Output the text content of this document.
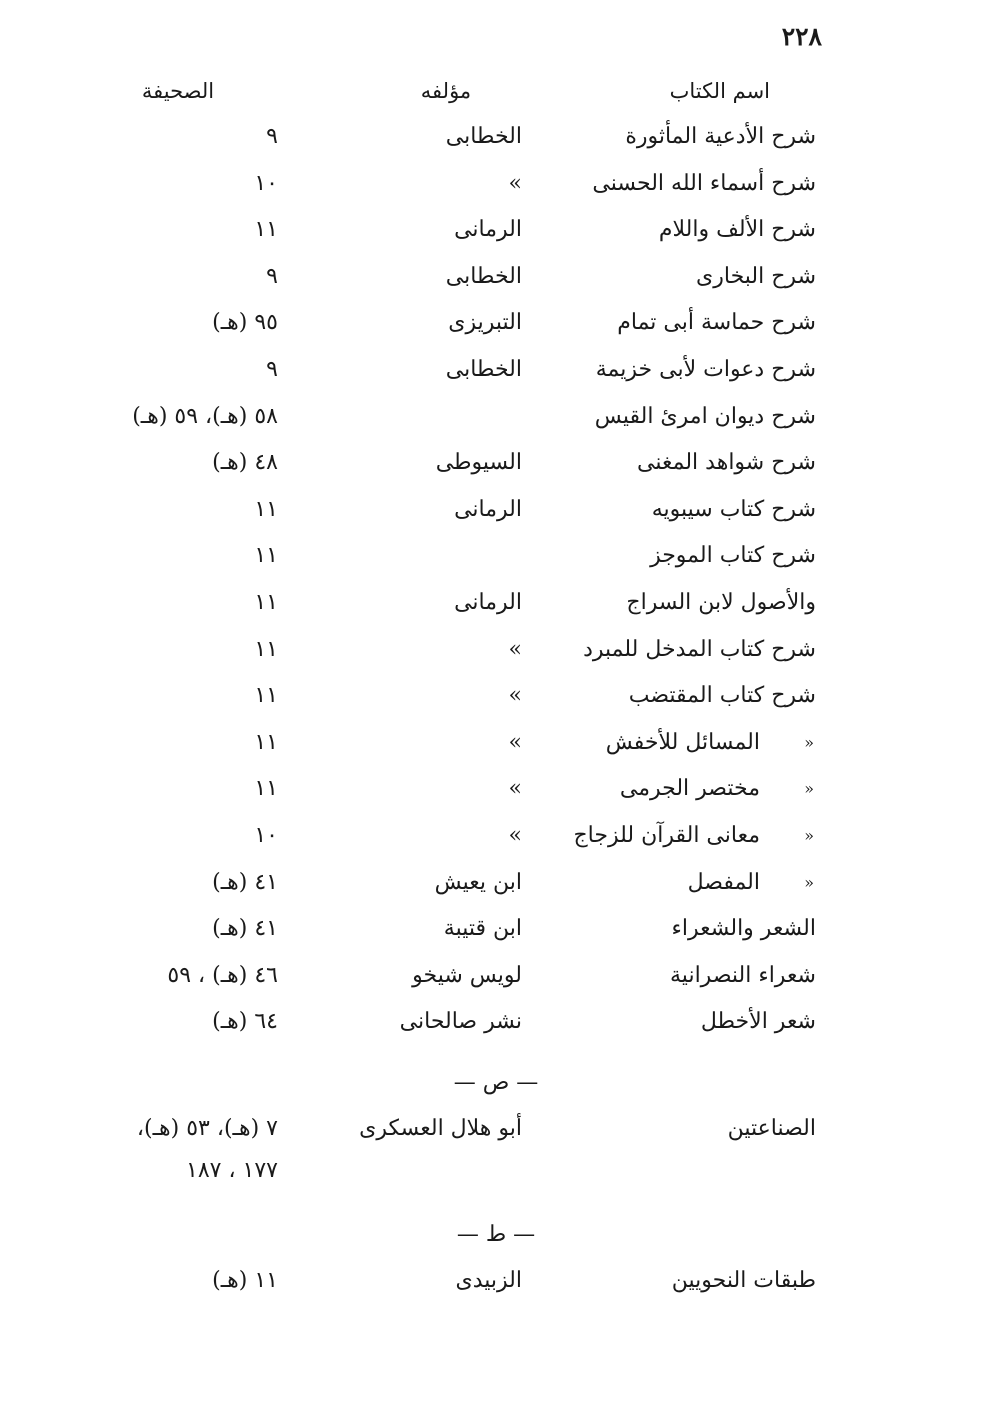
٢٢٨
اسم الكتاب
مؤلفه
الصحيفة
شرح الأدعية المأثورة
الخطابى
٩
شرح أسماء الله الحسنى
»
١٠
شرح الألف واللام
الرمانى
١١
شرح البخارى
الخطابى
٩
شرح حماسة أبى تمام
التبريزى
٩٥ (هـ)
شرح دعوات لأبى خزيمة
الخطابى
٩
شرح ديوان امرئ القيس
٥٨ (هـ)، ٥٩ (هـ)
شرح شواهد المغنى
السيوطى
٤٨ (هـ)
شرح كتاب سيبويه
الرمانى
١١
شرح كتاب الموجز
١١
والأصول لابن السراج
الرمانى
١١
شرح كتاب المدخل للمبرد
»
١١
شرح كتاب المقتضب
»
١١
»
المسائل للأخفش
»
١١
»
مختصر الجرمى
»
١١
»
معانى القرآن للزجاج
»
١٠
»
المفصل
ابن يعيش
٤١ (هـ)
الشعر والشعراء
ابن قتيبة
٤١ (هـ)
شعراء النصرانية
لويس شيخو
٤٦ (هـ) ، ٥٩
شعر الأخطل
نشر صالحانى
٦٤ (هـ)
— ص —
الصناعتين
أبو هلال العسكرى
٧ (هـ)، ٥٣ (هـ)،
١٧٧ ، ١٨٧
— ط —
طبقات النحويين
الزبيدى
١١ (هـ)
